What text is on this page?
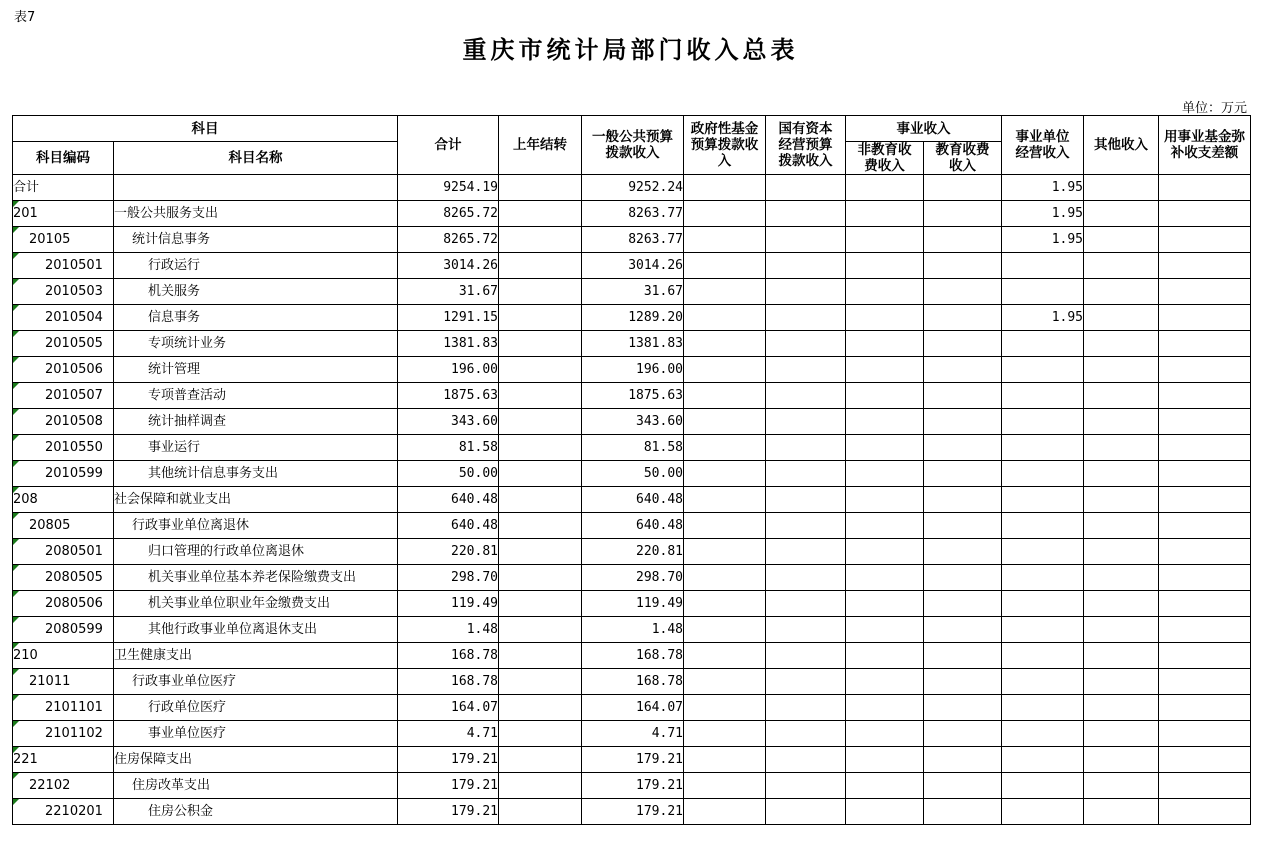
表7
重庆市统计局部门收入总表
单位：万元
科目		合计	上年结转	一般公共预算拨款收入	政府性基金预算拨款收入	国有资本经营预算拨款收入	事业收入		事业单位经营收入	其他收入	用事业基金弥补收支差额
科目编码	科目名称						非教育收费收入	教育收费收入			
合计		9254.19		9252.24					1.95		

201	一般公共服务支出	8265.72		8263.77					1.95		

20105	统计信息事务	8265.72		8263.77					1.95		

2010501	行政运行	3014.26		3014.26							

2010503	机关服务	31.67		31.67							

2010504	信息事务	1291.15		1289.20					1.95		

2010505	专项统计业务	1381.83		1381.83							

2010506	统计管理	196.00		196.00							

2010507	专项普查活动	1875.63		1875.63							

2010508	统计抽样调查	343.60		343.60							

2010550	事业运行	81.58		81.58							

2010599	其他统计信息事务支出	50.00		50.00							

208	社会保障和就业支出	640.48		640.48							

20805	行政事业单位离退休	640.48		640.48							

2080501	归口管理的行政单位离退休	220.81		220.81							

2080505	机关事业单位基本养老保险缴费支出	298.70		298.70							

2080506	机关事业单位职业年金缴费支出	119.49		119.49							

2080599	其他行政事业单位离退休支出	1.48		1.48							

210	卫生健康支出	168.78		168.78							

21011	行政事业单位医疗	168.78		168.78							

2101101	行政单位医疗	164.07		164.07							

2101102	事业单位医疗	4.71		4.71							

221	住房保障支出	179.21		179.21							

22102	住房改革支出	179.21		179.21							

2210201	住房公积金	179.21		179.21							
